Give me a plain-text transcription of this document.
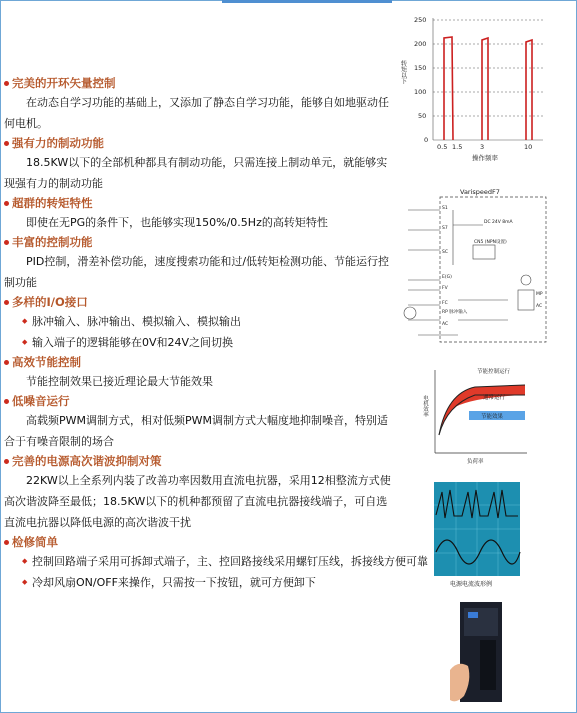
完美的开环矢量控制
在动态自学习功能的基础上，又添加了静态自学习功能，能够自如地驱动任何电机。
强有力的制动功能
18.5KW以下的全部机种都具有制动功能，只需连接上制动单元，就能够实现强有力的制动功能
超群的转矩特性
即使在无PG的条件下，也能够实现150%/0.5Hz的高转矩特性
丰富的控制功能
PID控制，滑差补偿功能，速度搜索功能和过/低转矩检测功能、节能运行控制功能
多样的I/O接口
◆ 脉冲输入、脉冲输出、模拟输入、模拟输出
◆ 输入端子的逻辑能够在0V和24V之间切换
高效节能控制
节能控制效果已接近理论最大节能效果
低噪音运行
高载频PWM调制方式，相对低频PWM调制方式大幅度地抑制噪音，特别适合于有噪音限制的场合
完善的电源高次谐波抑制对策
22KW以上全系列内装了改善功率因数用直流电抗器，采用12相整流方式使高次谐波降至最低；18.5KW以下的机种都预留了直流电抗器接线端子，可自选直流电抗器以降低电源的高次谐波干扰
检修简单
◆ 控制回路端子采用可拆卸式端子，主、控回路接线采用螺钉压线，拆接线方便可靠
◆ 冷却风扇ON/OFF来操作，只需按一下按钮，就可方便卸下
250
200
150
100
50
0
0.5 1.5	3	10
操作频率
转矩以下
VarispeedF7
S1
S7
SC
DC 24V 8mA
CN5 (NPN设置)
E(G)
FV
FC
RP 脉冲输入
AC
MP
AC
节能控制运行
通常运行
节能效果
负荷率
电机效率
电源电流波形例
